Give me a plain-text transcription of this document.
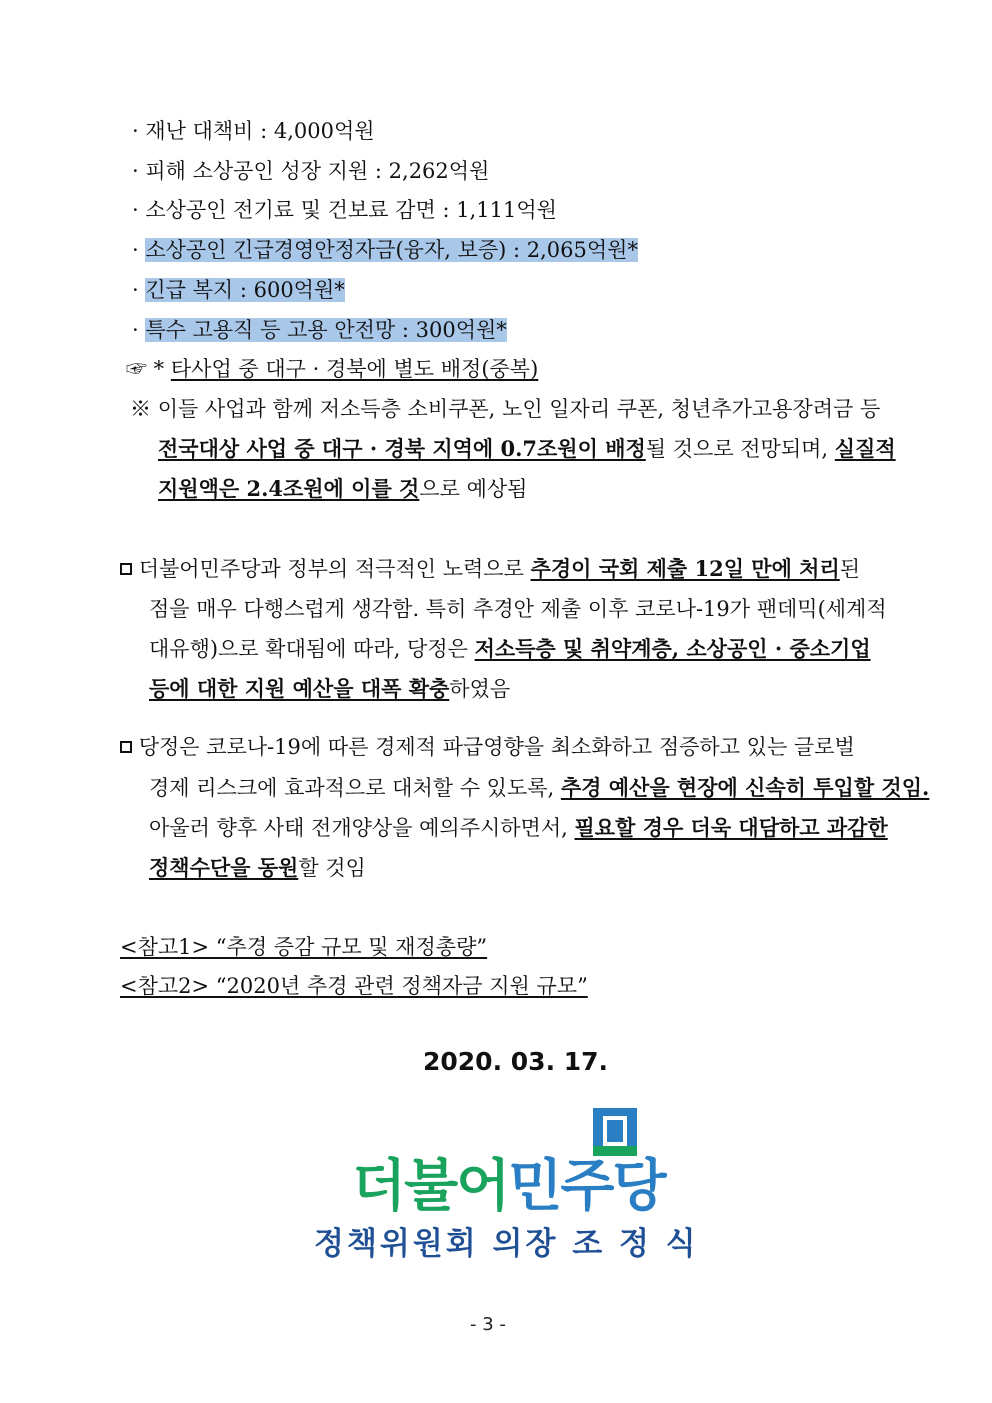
· 재난 대책비 : 4,000억원
· 피해 소상공인 성장 지원 : 2,262억원
· 소상공인 전기료 및 건보료 감면 : 1,111억원
· 소상공인 긴급경영안정자금(융자, 보증) : 2,065억원*
· 긴급 복지 : 600억원*
· 특수 고용직 등 고용 안전망 : 300억원*
☞ * 타사업 중 대구 · 경북에 별도 배정(중복)
※ 이들 사업과 함께 저소득층 소비쿠폰, 노인 일자리 쿠폰, 청년추가고용장려금 등
전국대상 사업 중 대구 · 경북 지역에 0.7조원이 배정될 것으로 전망되며, 실질적
지원액은 2.4조원에 이를 것으로 예상됨
더불어민주당과 정부의 적극적인 노력으로 추경이 국회 제출 12일 만에 처리된
점을 매우 다행스럽게 생각함. 특히 추경안 제출 이후 코로나-19가 팬데믹(세계적
대유행)으로 확대됨에 따라, 당정은 저소득층 및 취약계층, 소상공인 · 중소기업
등에 대한 지원 예산을 대폭 확충하였음
당정은 코로나-19에 따른 경제적 파급영향을 최소화하고 점증하고 있는 글로벌
경제 리스크에 효과적으로 대처할 수 있도록, 추경 예산을 현장에 신속히 투입할 것임.
아울러 향후 사태 전개양상을 예의주시하면서, 필요할 경우 더욱 대담하고 과감한
정책수단을 동원할 것임
<참고1> “추경 증감 규모 및 재정총량”
<참고2> “2020년 추경 관련 정책자금 지원 규모”
2020. 03. 17.
더불어민주당
정책위원회 의장 조 정 식
- 3 -
